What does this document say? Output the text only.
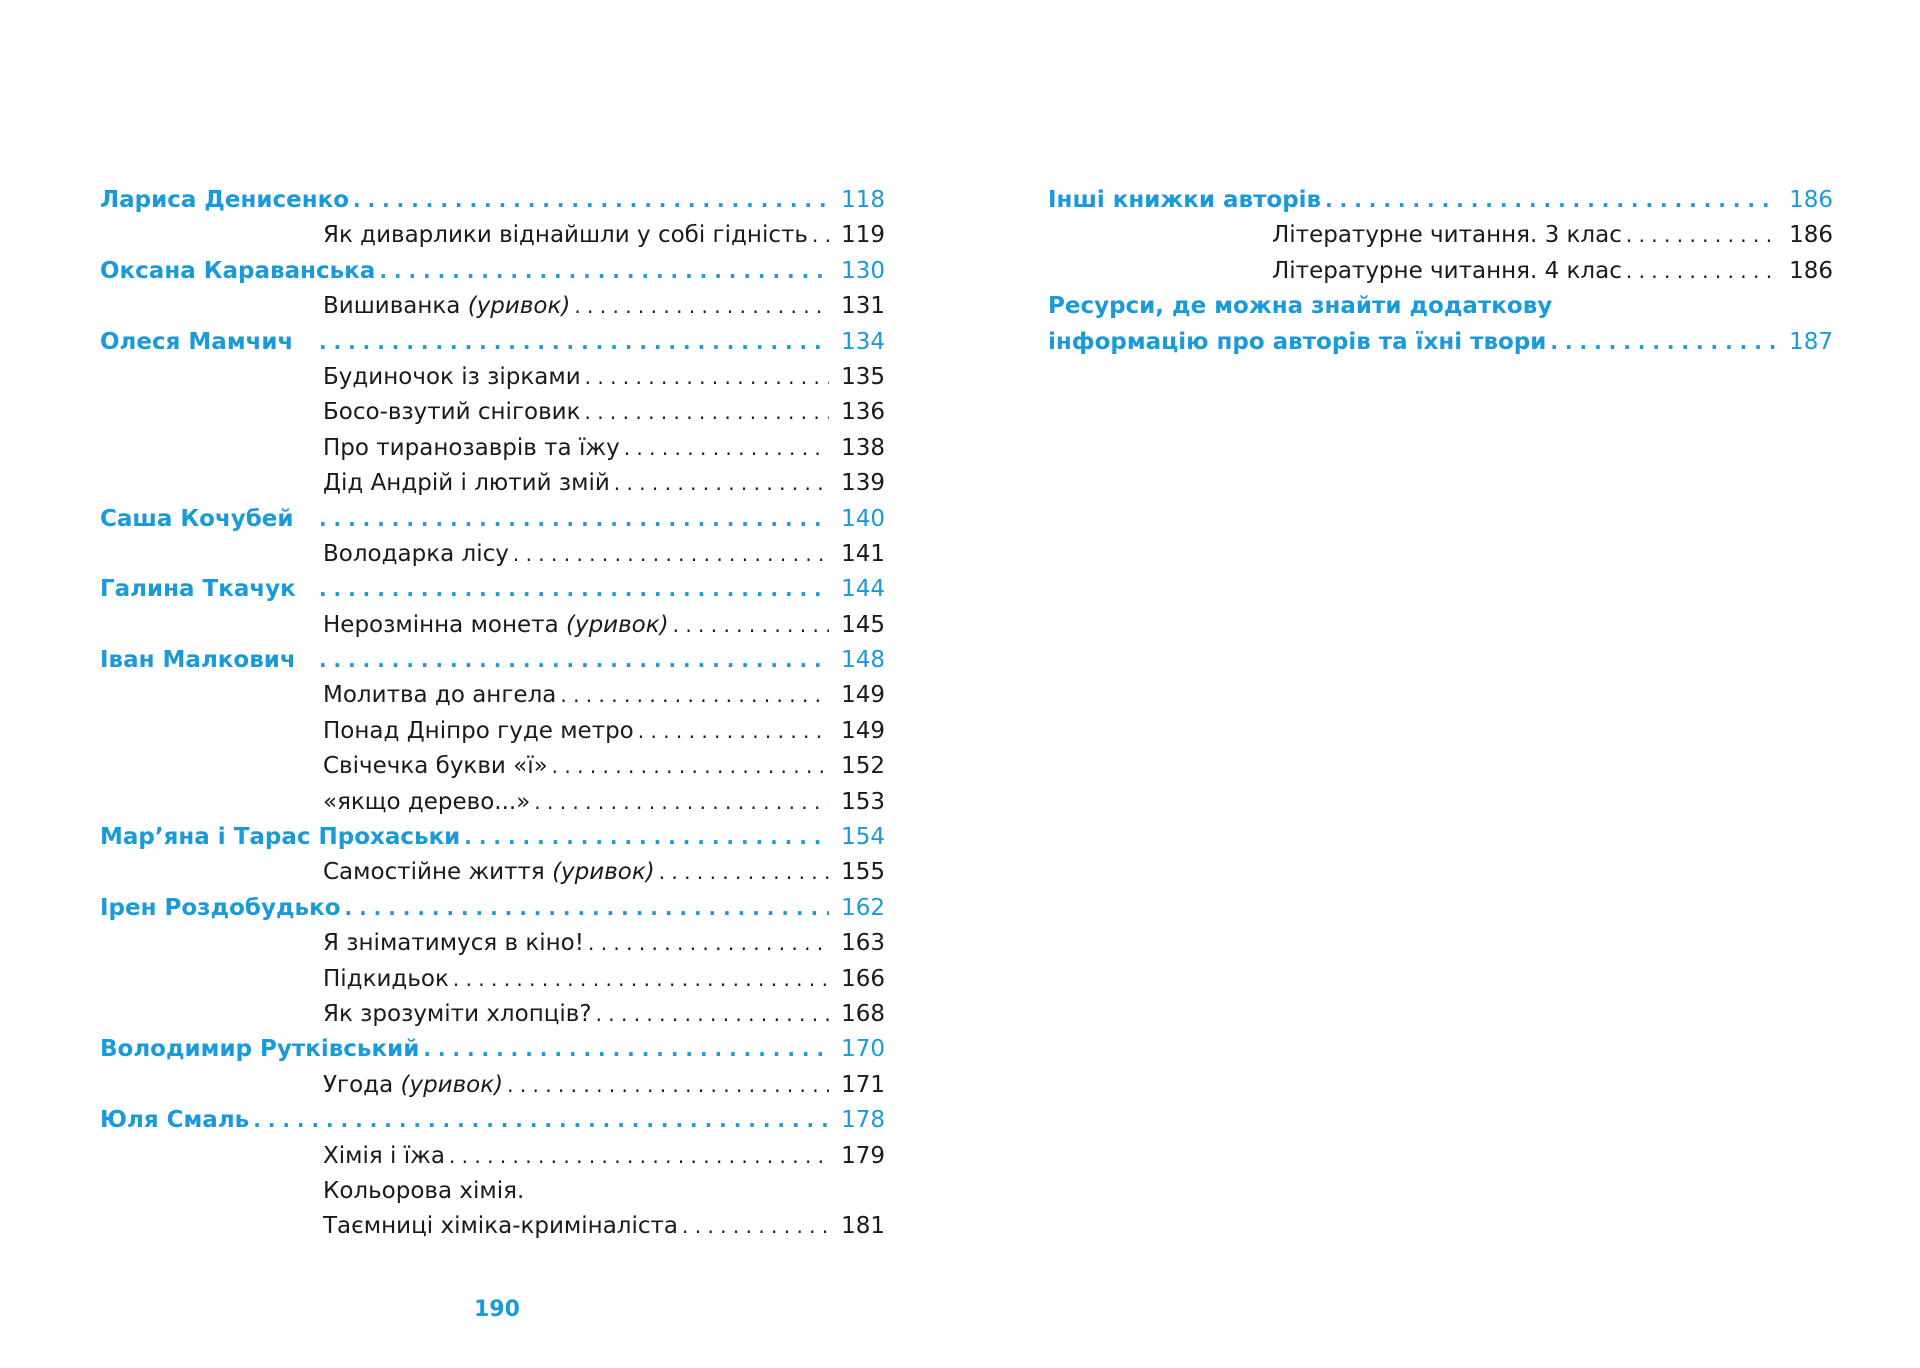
Лариса Денисенко . . .	118
Як диварлики віднайшли у собі гідність . . .	119
Оксана Караванська . . .	130
Вишиванка (уривок) . . .	131
Олеся Мамчич . . .	134
Будиночок із зірками . . .	135
Босо-взутий сніговик . . .	136
Про тиранозаврів та їжу . . .	138
Дід Андрій і лютий змій . . .	139
Саша Кочубей . . .	140
Володарка лісу . . .	141
Галина Ткачук . . .	144
Нерозмінна монета (уривок) . . .	145
Іван Малкович . . .	148
Молитва до ангела . . .	149
Понад Дніпро гуде метро . . .	149
Свічечка букви «ї» . . .	152
«якщо дерево...» . . .	153
Мар’яна і Тарас Прохаськи . . .	154
Самостійне життя (уривок) . . .	155
Ірен Роздобудько . . .	162
Я зніматимуся в кіно! . . .	163
Підкидьок . . .	166
Як зрозуміти хлопців? . . .	168
Володимир Рутківський . . .	170
Угода (уривок) . . .	171
Юля Смаль . . .	178
Хімія і їжа . . .	179
Кольорова хімія.
Таємниці хіміка-криміналіста . . .	181
Інші книжки авторів . . .	186
Літературне читання. 3 клас . . .	186
Літературне читання. 4 клас . . .	186
Ресурси, де можна знайти додаткову
інформацію про авторів та їхні твори . . .	187
190
